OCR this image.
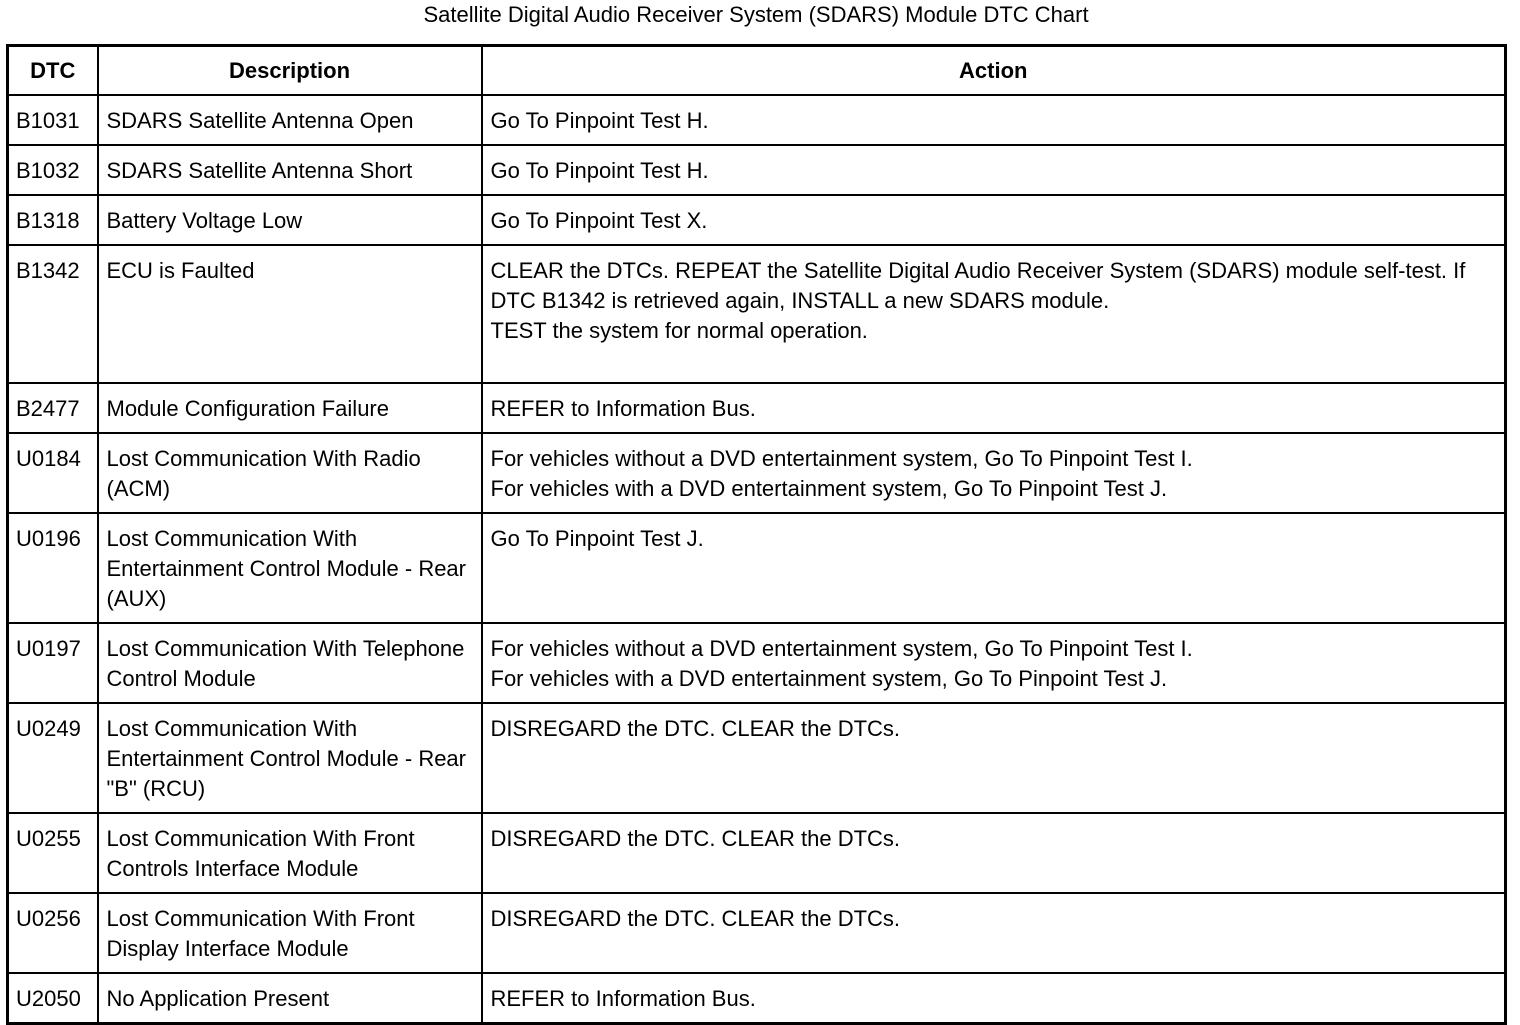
Satellite Digital Audio Receiver System (SDARS) Module DTC Chart
DTC	Description	Action
B1031	SDARS Satellite Antenna Open	Go To Pinpoint Test H.

B1032	SDARS Satellite Antenna Short	Go To Pinpoint Test H.

B1318	Battery Voltage Low	Go To Pinpoint Test X.

B1342	ECU is Faulted	CLEAR the DTCs. REPEAT the Satellite Digital Audio Receiver System (SDARS) module self-test. If DTC B1342 is retrieved again, INSTALL a new SDARS module.
TEST the system for normal operation.

B2477	Module Configuration Failure	REFER to Information Bus.

U0184	Lost Communication With Radio (ACM)	For vehicles without a DVD entertainment system, Go To Pinpoint Test I.
For vehicles with a DVD entertainment system, Go To Pinpoint Test J.

U0196	Lost Communication With Entertainment Control Module - Rear (AUX)	Go To Pinpoint Test J.

U0197	Lost Communication With Telephone Control Module	For vehicles without a DVD entertainment system, Go To Pinpoint Test I.
For vehicles with a DVD entertainment system, Go To Pinpoint Test J.

U0249	Lost Communication With Entertainment Control Module - Rear "B" (RCU)	DISREGARD the DTC. CLEAR the DTCs.

U0255	Lost Communication With Front Controls Interface Module	DISREGARD the DTC. CLEAR the DTCs.

U0256	Lost Communication With Front Display Interface Module	DISREGARD the DTC. CLEAR the DTCs.

U2050	No Application Present	REFER to Information Bus.
